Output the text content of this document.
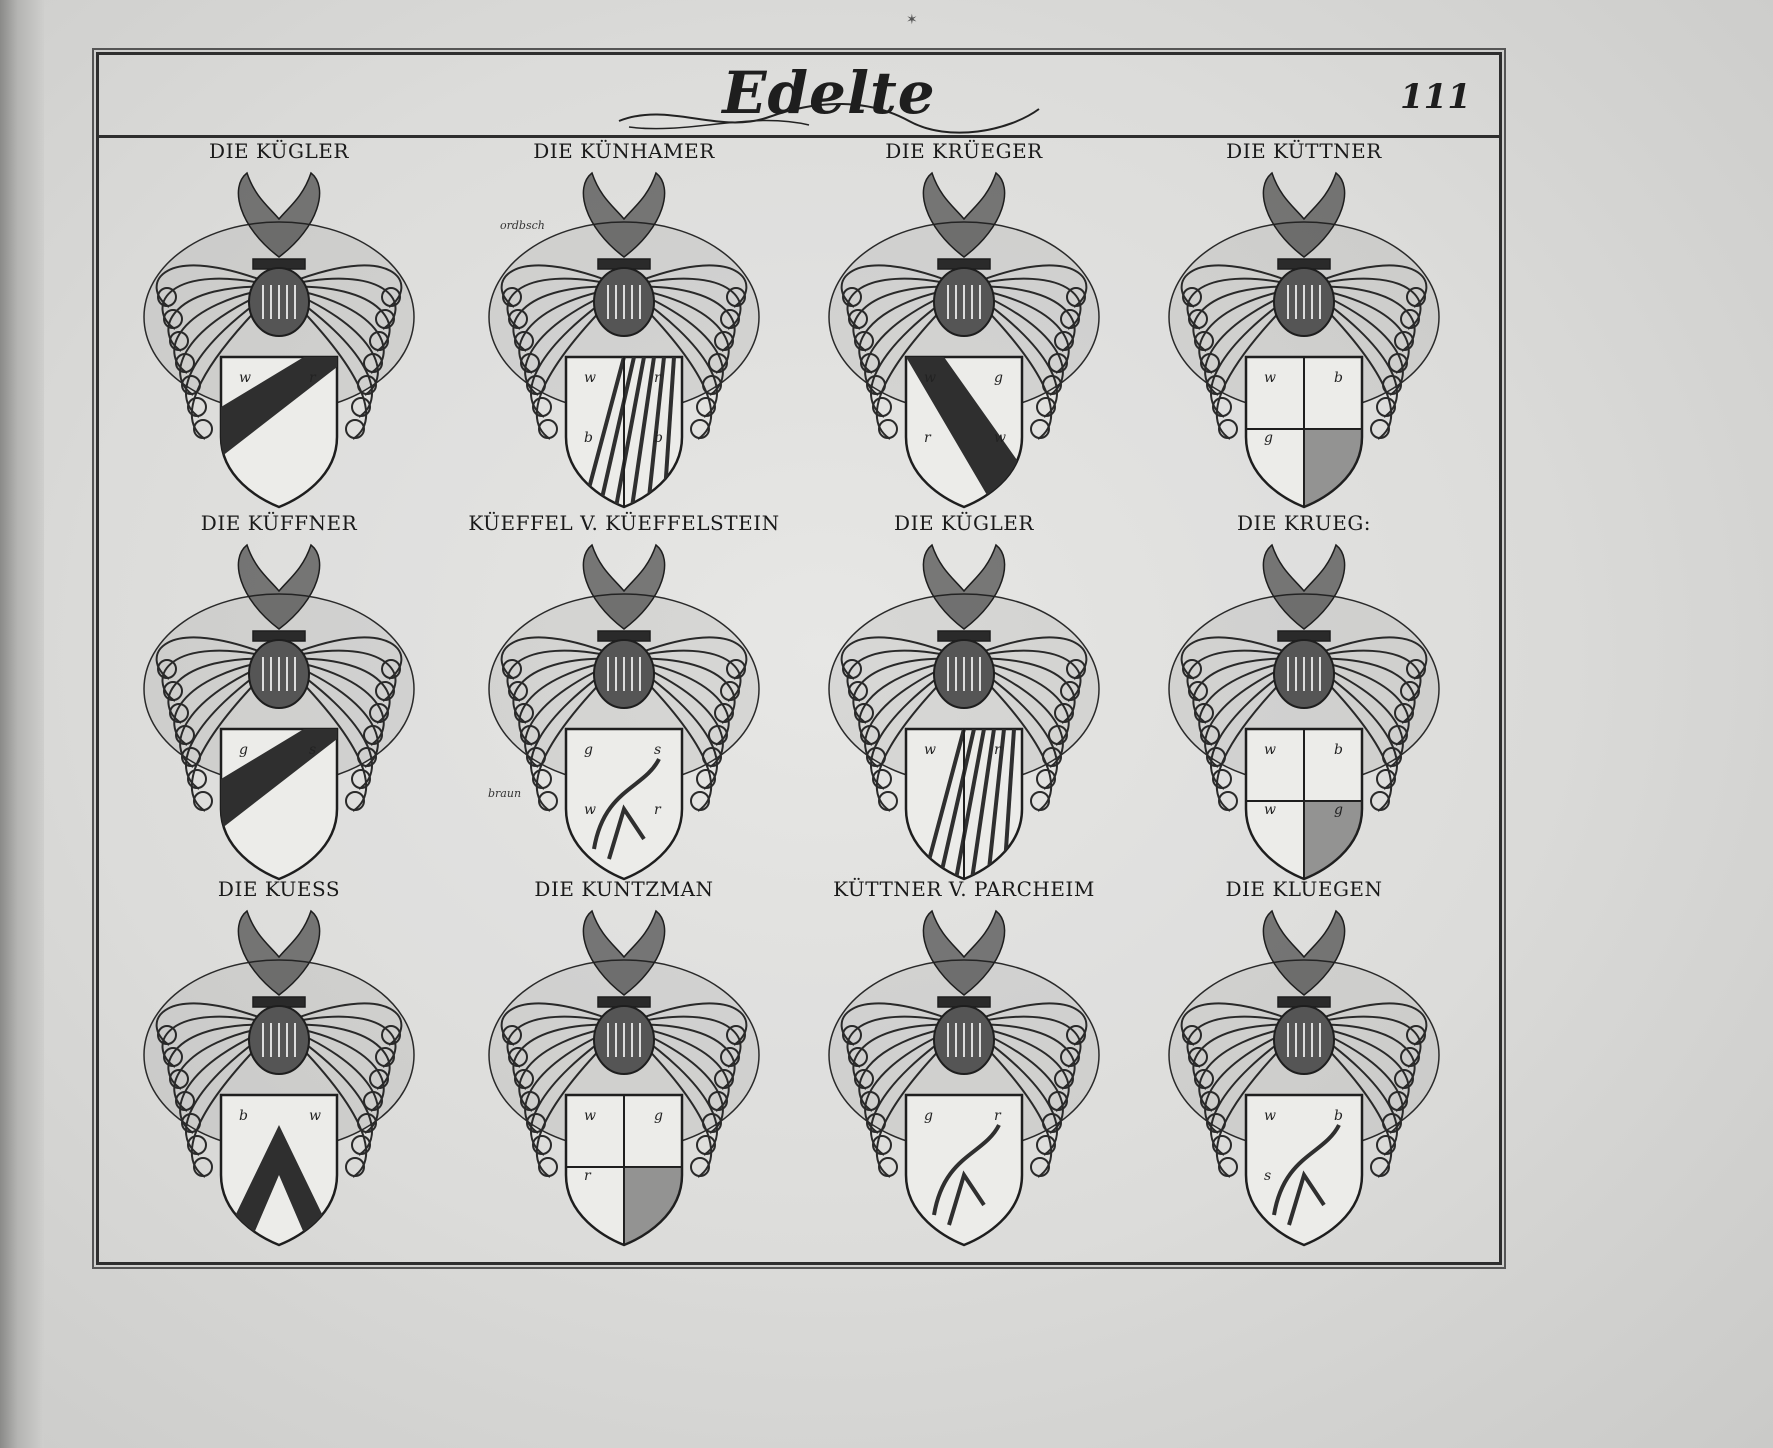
✶
Edelte	111
DIE KÜGLER
w	r
DIE KÜNHAMER
w	r
b	b
ordbsch
DIE KRÜEGER
w	g
r	w
DIE KÜTTNER
w	b
g
DIE KÜFFNER
g	s
KÜEFFEL V. KÜEFFELSTEIN
g	s
w	r
braun
DIE KÜGLER
w	r
DIE KRUEG:
w	b
w	g
DIE KUESS
b	w
DIE KUNTZMAN
w	g
r
KÜTTNER V. PARCHEIM
g	r
DIE KLUEGEN
w	b
s
